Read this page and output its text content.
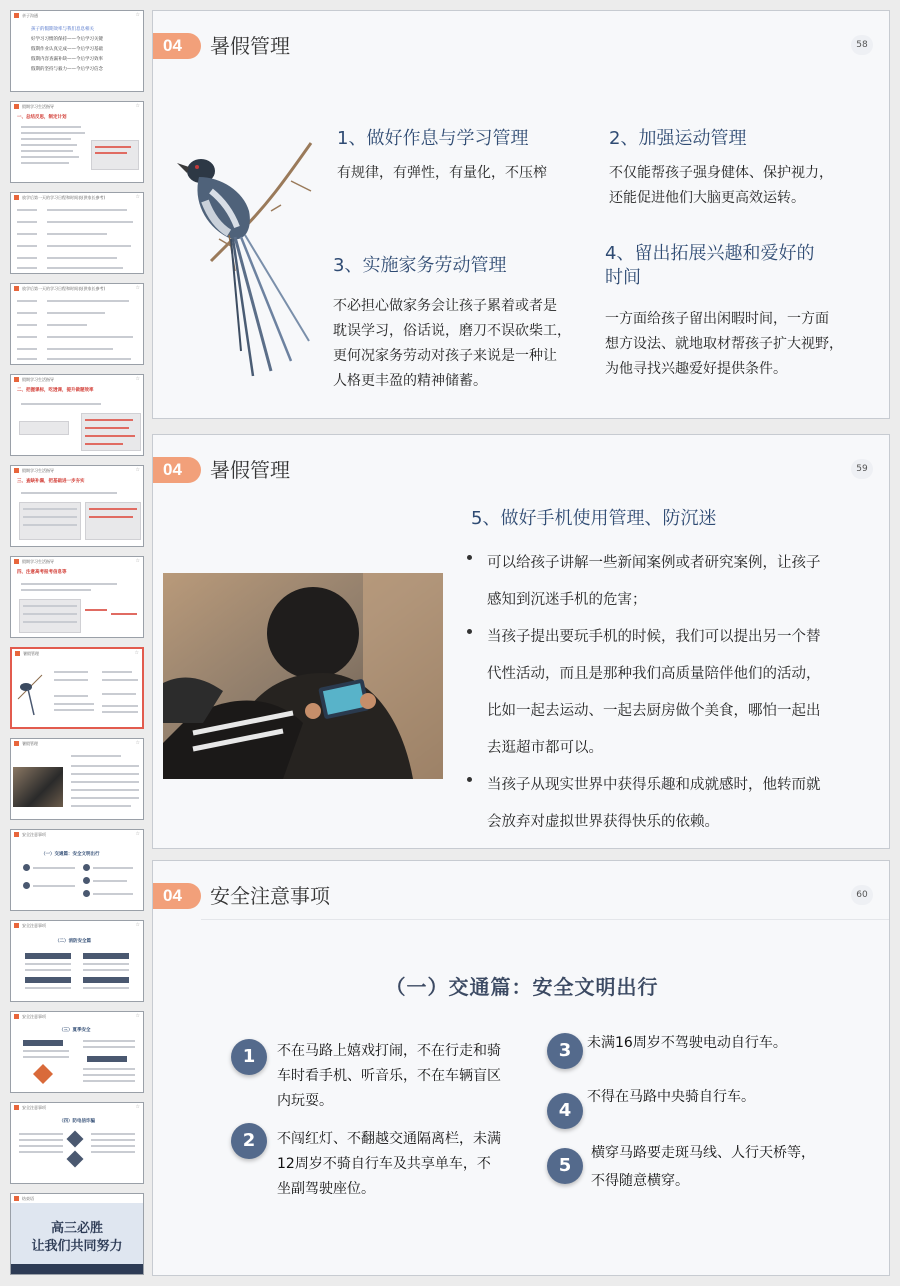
亲子沟通	☆
孩子的假期效率与我们息息相关
好学习习惯的保持——今后学习关键
假期作业认真完成——今后学习基础
假期内容查漏补缺——今后学习效率
假期的坚持与毅力——今后学习信念
假期学习生活指导	☆
一、总结反思，制定计划
放学后第一天的学习日程和时间表(供家长参考)	☆
放学后第一天的学习日程和时间表(供家长参考)	☆
假期学习生活指导	☆
二、把握课标，吃透课，提升做题效率
假期学习生活指导	☆
三、查缺补漏，把基础进一步夯实
假期学习生活指导	☆
四、注意高考报考信息等
暑假管理	☆
暑假管理	☆
安全注意事项	☆
（一）交通篇：安全文明出行
安全注意事项	☆
（二）消防安全篇
安全注意事项	☆
（三）夏季安全
安全注意事项	☆
（四）防电信诈骗
结束语
高三必胜
让我们共同努力
04	暑假管理	58
1、做好作息与学习管理
有规律，有弹性，有量化，不压榨
2、加强运动管理
不仅能帮孩子强身健体、保护视力，
还能促进他们大脑更高效运转。
3、实施家务劳动管理
不必担心做家务会让孩子累着或者是
耽误学习，俗话说，磨刀不误砍柴工，
更何况家务劳动对孩子来说是一种让
人格更丰盈的精神储蓄。
4、留出拓展兴趣和爱好的
时间
一方面给孩子留出闲暇时间，一方面
想方设法、就地取材帮孩子扩大视野，
为他寻找兴趣爱好提供条件。
04	暑假管理	59
5、做好手机使用管理、防沉迷
可以给孩子讲解一些新闻案例或者研究案例，让孩子
感知到沉迷手机的危害；
当孩子提出要玩手机的时候，我们可以提出另一个替
代性活动，而且是那种我们高质量陪伴他们的活动，
比如一起去运动、一起去厨房做个美食，哪怕一起出
去逛超市都可以。
当孩子从现实世界中获得乐趣和成就感时，他转而就
会放弃对虚拟世界获得快乐的依赖。
04	安全注意事项	60
（一）交通篇：安全文明出行
1	不在马路上嬉戏打闹，不在行走和骑
车时看手机、听音乐，不在车辆盲区
内玩耍。
2	不闯红灯、不翻越交通隔离栏，未满
12周岁不骑自行车及共享单车，不
坐副驾驶座位。
3	未满16周岁不驾驶电动自行车。
4
不得在马路中央骑自行车。
5
横穿马路要走斑马线、人行天桥等，
不得随意横穿。
